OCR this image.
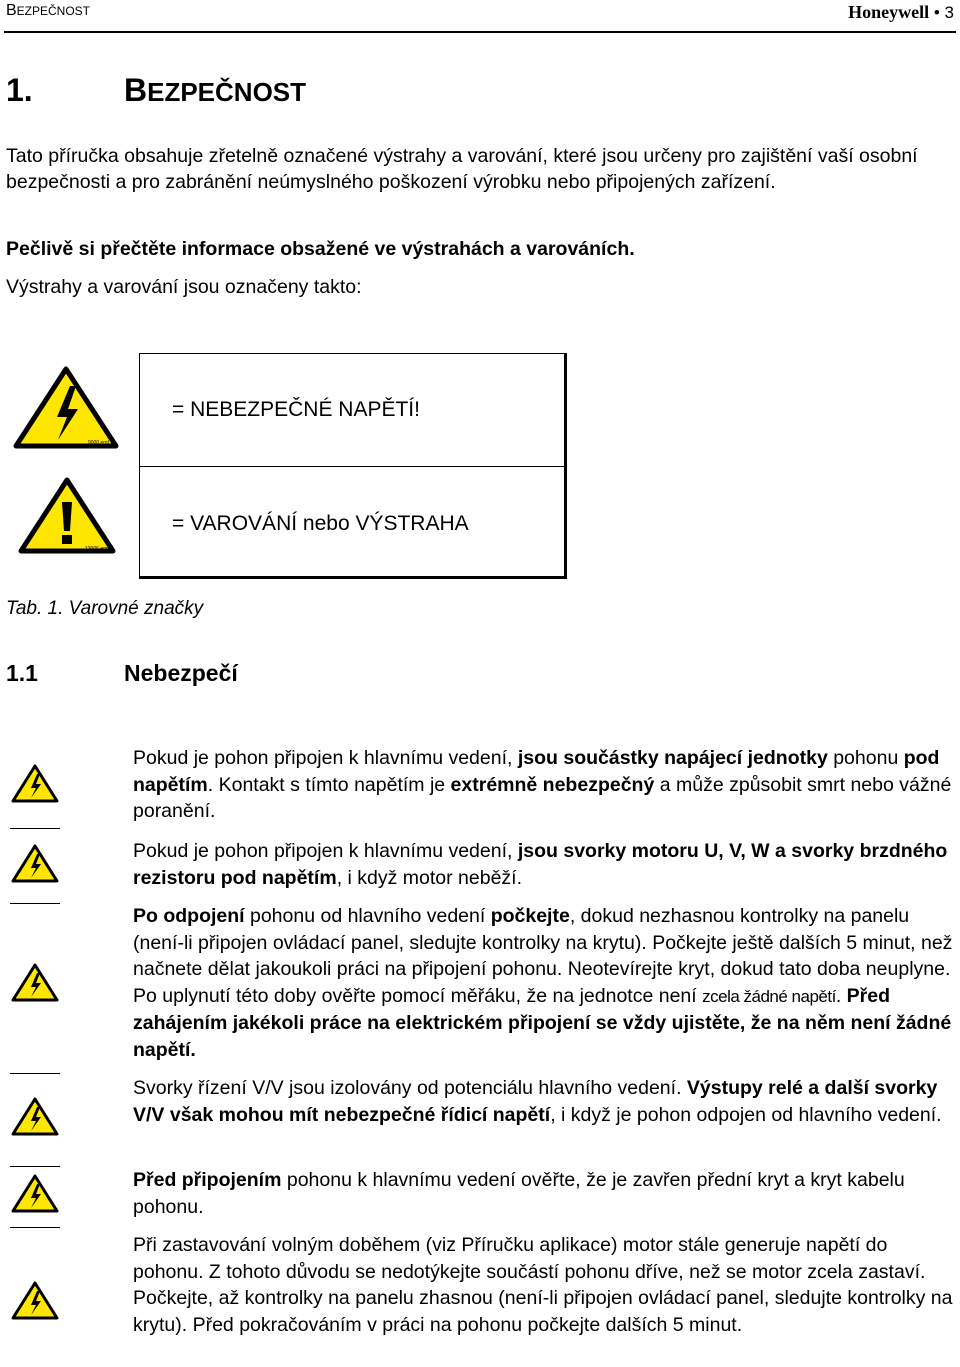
BEZPEČNOST	Honeywell • 3
1.	BEZPEČNOST
Tato příručka obsahuje zřetelně označené výstrahy a varování, které jsou určeny pro zajištění vaší osobní bezpečnosti a pro zabránění neúmyslného poškození výrobku nebo připojených zařízení.
Pečlivě si přečtěte informace obsažené ve výstrahách a varováních.
Výstrahy a varování jsou označeny takto:
9000.emf
= NEBEZPEČNÉ NAPĚTÍ!
13006.emf
= VAROVÁNÍ nebo VÝSTRAHA
Tab. 1. Varovné značky
1.1	Nebezpečí
9000.emf
9000.emf
9000.emf
9000.emf
9000.emf
9000.emf
Pokud je pohon připojen k hlavnímu vedení, jsou součástky napájecí jednotky pohonu pod napětím. Kontakt s tímto napětím je extrémně nebezpečný a může způsobit smrt nebo vážné poranění.
Pokud je pohon připojen k hlavnímu vedení, jsou svorky motoru U, V, W a svorky brzdného rezistoru pod napětím, i když motor neběží.
Po odpojení pohonu od hlavního vedení počkejte, dokud nezhasnou kontrolky na panelu (není-li připojen ovládací panel, sledujte kontrolky na krytu). Počkejte ještě dalších 5 minut, než načnete dělat jakoukoli práci na připojení pohonu. Neotevírejte kryt, dokud tato doba neuplyne. Po uplynutí této doby ověřte pomocí měřáku, že na jednotce není zcela žádné napětí. Před zahájením jakékoli práce na elektrickém připojení se vždy ujistěte, že na něm není žádné napětí.
Svorky řízení V/V jsou izolovány od potenciálu hlavního vedení. Výstupy relé a další svorky V/V však mohou mít nebezpečné řídicí napětí, i když je pohon odpojen od hlavního vedení.
Před připojením pohonu k hlavnímu vedení ověřte, že je zavřen přední kryt a kryt kabelu pohonu.
Při zastavování volným doběhem (viz Příručku aplikace) motor stále generuje napětí do pohonu. Z tohoto důvodu se nedotýkejte součástí pohonu dříve, než se motor zcela zastaví. Počkejte, až kontrolky na panelu zhasnou (není-li připojen ovládací panel, sledujte kontrolky na krytu). Před pokračováním v práci na pohonu počkejte dalších 5 minut.
